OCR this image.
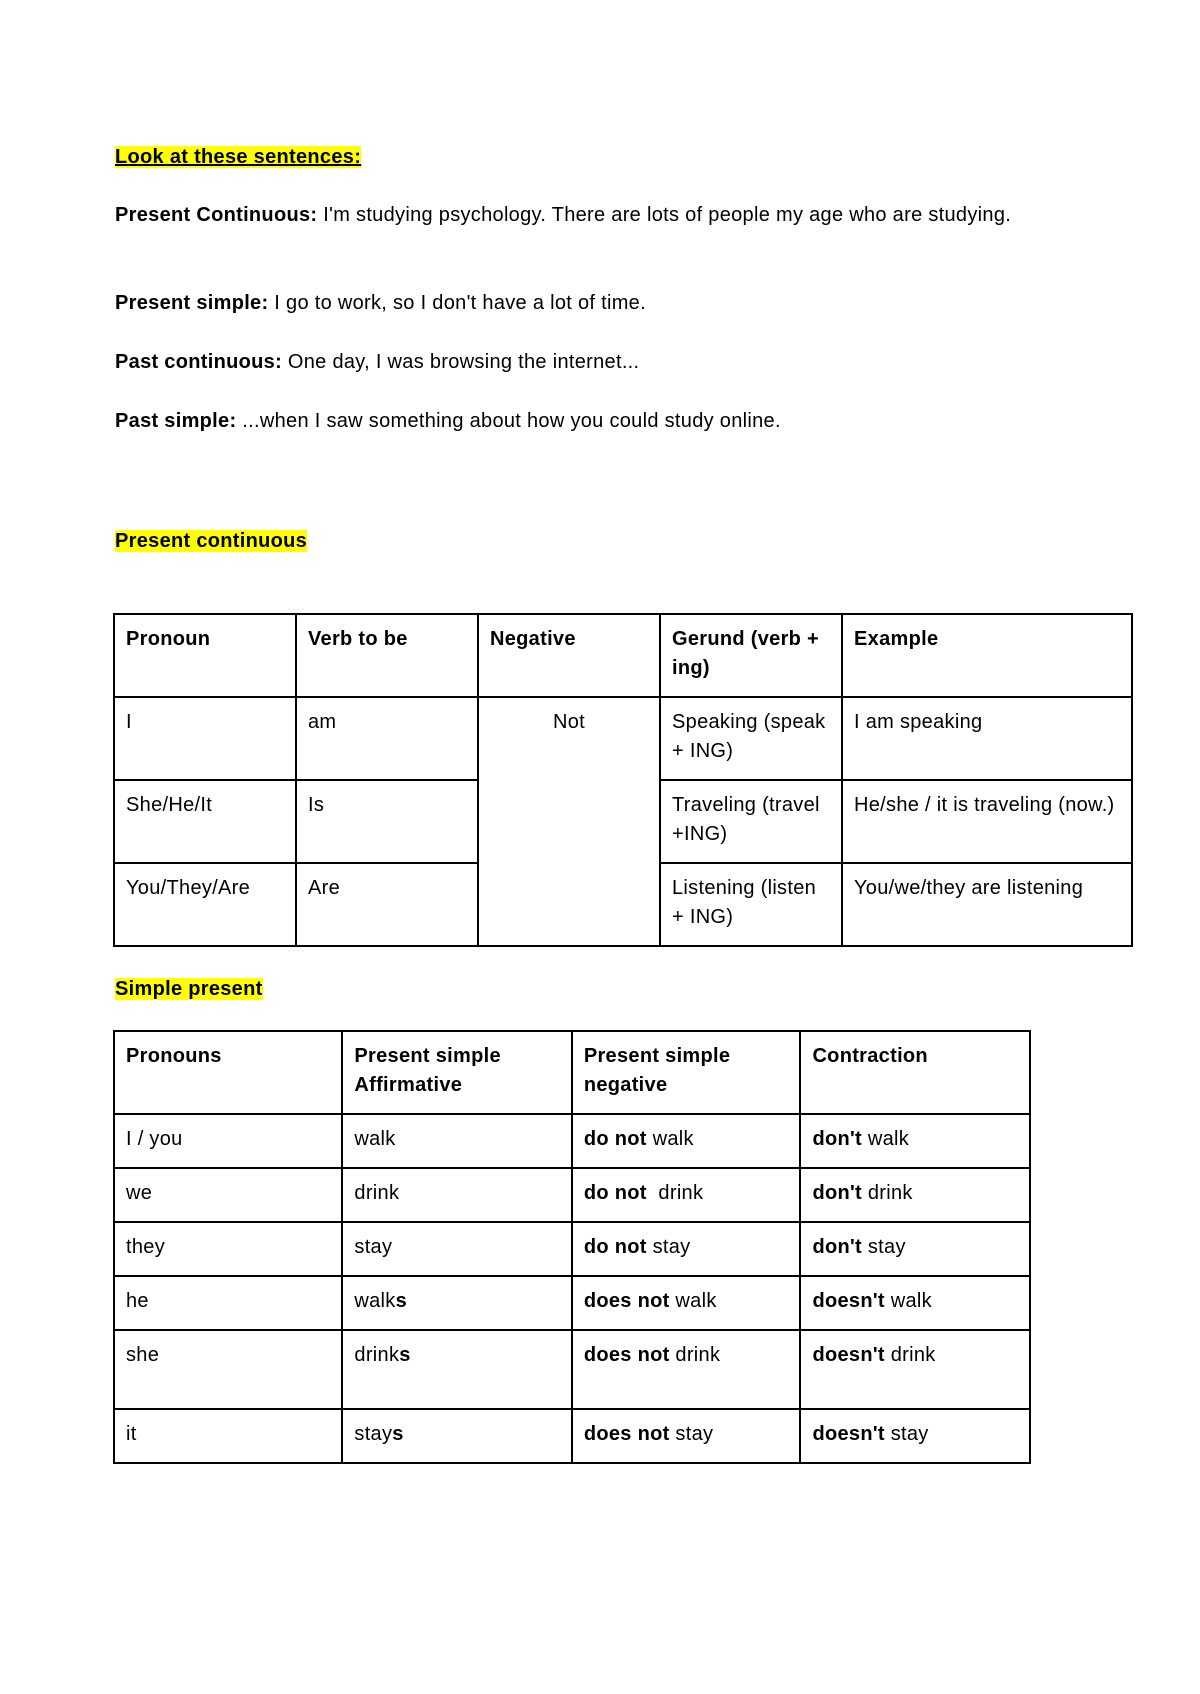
Look at these sentences:
Present Continuous: I'm studying psychology. There are lots of people my age who are studying.
Present simple: I go to work, so I don't have a lot of time.
Past continuous: One day, I was browsing the internet...
Past simple: ...when I saw something about how you could study online.
Present continuous
Pronoun	Verb to be	Negative	Gerund (verb + ing)	Example
I	am	Not	Speaking (speak + ING)	I am speaking
She/He/It	Is		Traveling (travel +ING)	He/she / it is traveling (now.)
You/They/Are	Are		Listening (listen + ING)	You/we/they are listening
Simple present
Pronouns	Present simple Affirmative	Present simple negative	Contraction
I / you	walk	do not walk	don't walk
we	drink	do not  drink	don't drink
they	stay	do not stay	don't stay
he	walks	does not walk	doesn't walk
she	drinks	does not drink	doesn't drink
it	stays	does not stay	doesn't stay
